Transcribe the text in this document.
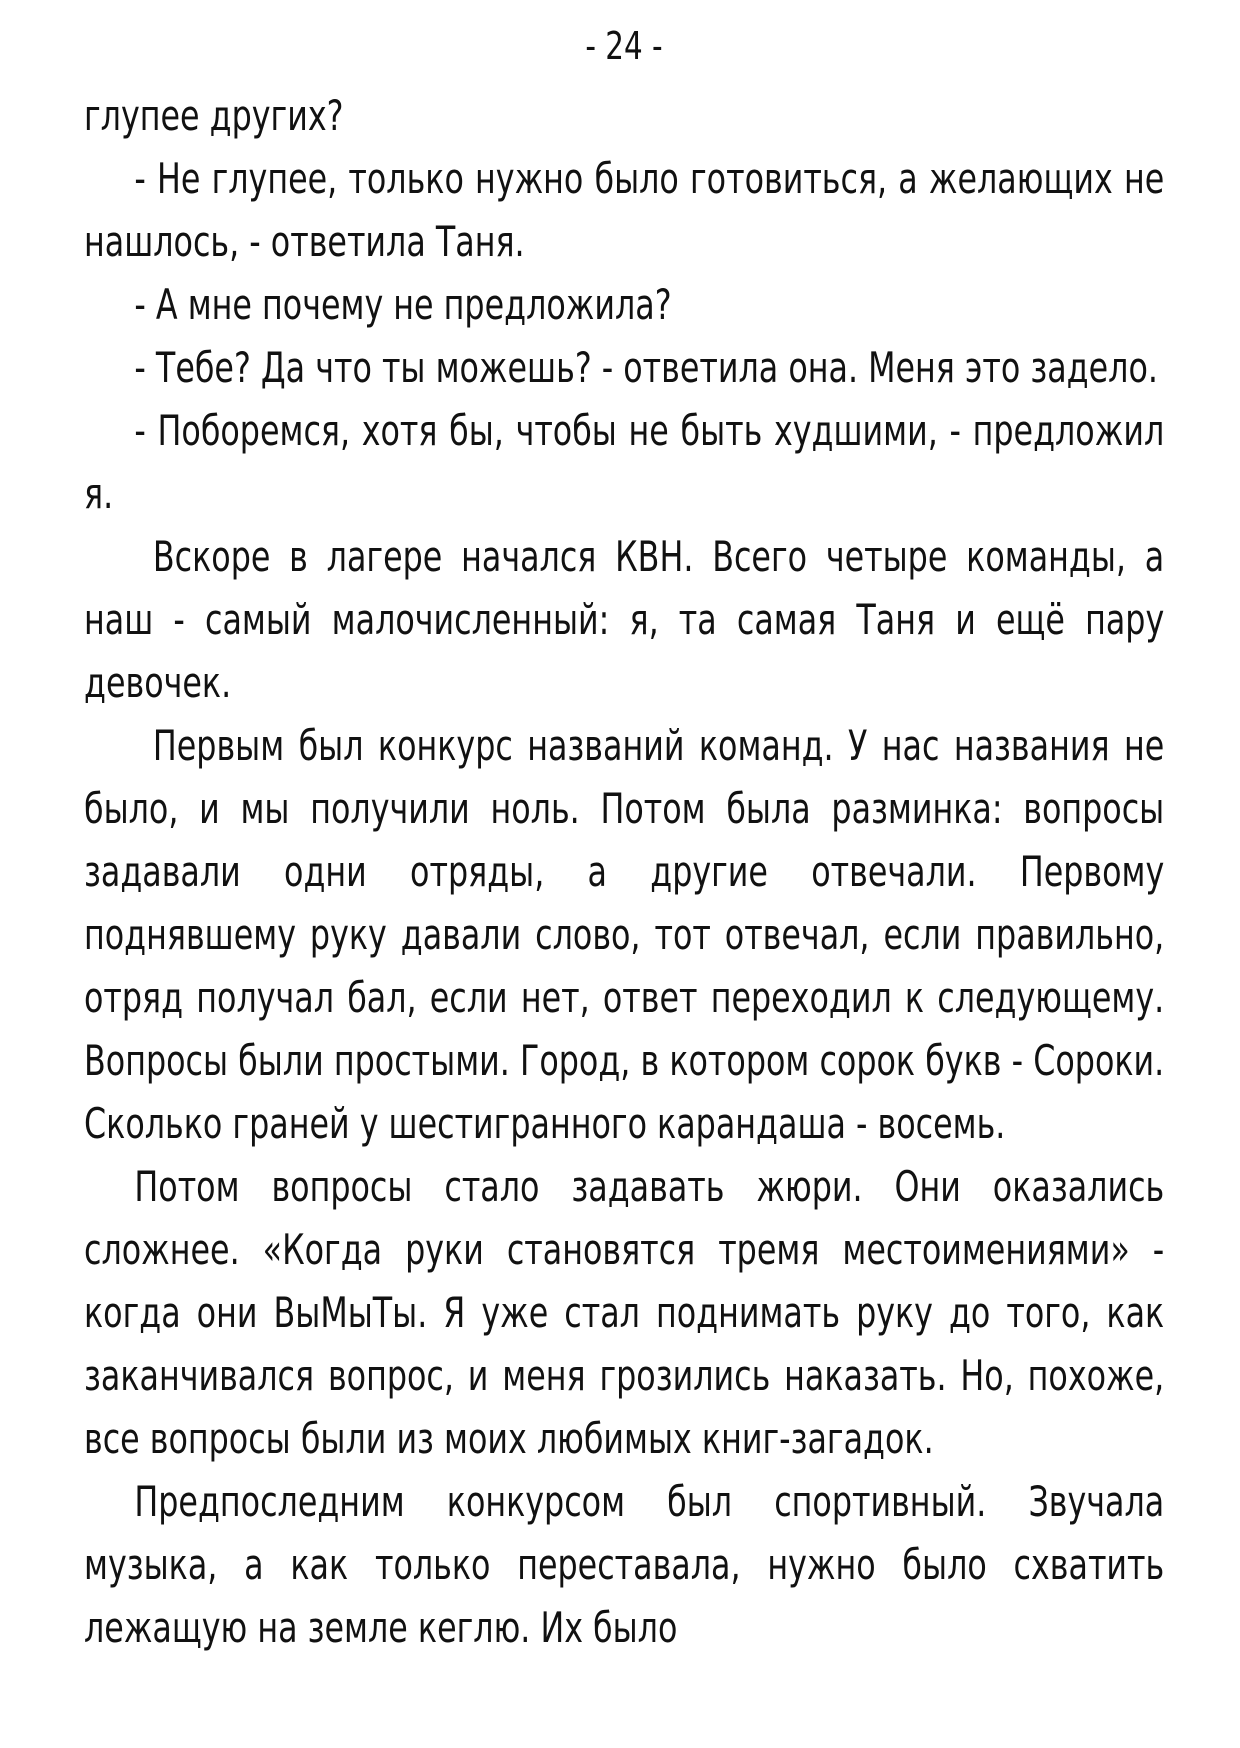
- 24 -

глупее других?

- Не глупее, только нужно было готовиться, а желающих не нашлось, - ответила Таня.

- А мне почему не предложила?

- Тебе? Да что ты можешь? - ответила она. Меня это задело.

- Поборемся, хотя бы, чтобы не быть худшими, - предложил я.

Вскоре в лагере начался КВН. Всего четыре команды, а наш - самый малочисленный: я, та самая Таня и ещё пару девочек.

Первым был конкурс названий команд. У нас названия не было, и мы получили ноль. Потом была разминка: вопросы задавали одни отряды, а другие отвечали. Первому поднявшему руку давали слово, тот отвечал, если правильно, отряд получал бал, если нет, ответ переходил к следующему. Вопросы были простыми. Город, в котором сорок букв - Сороки. Сколько граней у шестигранного карандаша - восемь.

Потом вопросы стало задавать жюри. Они оказались сложнее. «Когда руки становятся тремя местоимениями» - когда они ВыМыТы. Я уже стал поднимать руку до того, как заканчивался вопрос, и меня грозились наказать. Но, похоже, все вопросы были из моих любимых книг-загадок.

Предпоследним конкурсом был спортивный. Звучала музыка, а как только переставала, нужно было схватить лежащую на земле кеглю. Их было
